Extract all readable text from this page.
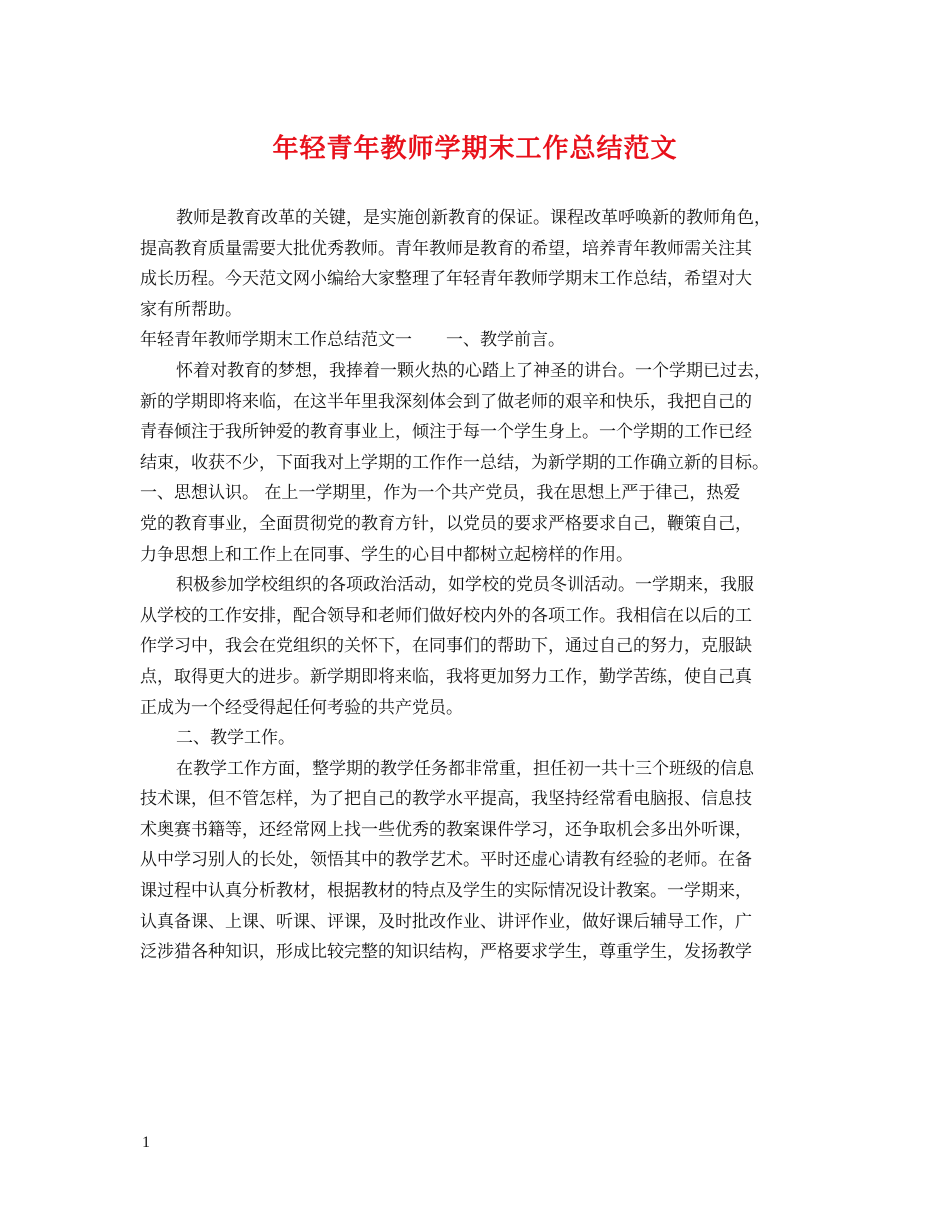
年轻青年教师学期末工作总结范文
教师是教育改革的关键，是实施创新教育的保证。课程改革呼唤新的教师角色，
提高教育质量需要大批优秀教师。青年教师是教育的希望，培养青年教师需关注其
成长历程。今天范文网小编给大家整理了年轻青年教师学期末工作总结，希望对大
家有所帮助。
年轻青年教师学期末工作总结范文一　　一、教学前言。
怀着对教育的梦想，我捧着一颗火热的心踏上了神圣的讲台。一个学期已过去，
新的学期即将来临，在这半年里我深刻体会到了做老师的艰辛和快乐，我把自己的
青春倾注于我所钟爱的教育事业上，倾注于每一个学生身上。一个学期的工作已经
结束，收获不少，下面我对上学期的工作作一总结，为新学期的工作确立新的目标。
一、思想认识。 在上一学期里，作为一个共产党员，我在思想上严于律己，热爱
党的教育事业，全面贯彻党的教育方针，以党员的要求严格要求自己，鞭策自己，
力争思想上和工作上在同事、学生的心目中都树立起榜样的作用。
积极参加学校组织的各项政治活动，如学校的党员冬训活动。一学期来，我服
从学校的工作安排，配合领导和老师们做好校内外的各项工作。我相信在以后的工
作学习中，我会在党组织的关怀下，在同事们的帮助下，通过自己的努力，克服缺
点，取得更大的进步。新学期即将来临，我将更加努力工作，勤学苦练，使自己真
正成为一个经受得起任何考验的共产党员。
二、教学工作。
在教学工作方面，整学期的教学任务都非常重，担任初一共十三个班级的信息
技术课，但不管怎样，为了把自己的教学水平提高，我坚持经常看电脑报、信息技
术奥赛书籍等，还经常网上找一些优秀的教案课件学习，还争取机会多出外听课，
从中学习别人的长处，领悟其中的教学艺术。平时还虚心请教有经验的老师。在备
课过程中认真分析教材，根据教材的特点及学生的实际情况设计教案。一学期来，
认真备课、上课、听课、评课，及时批改作业、讲评作业，做好课后辅导工作，广
泛涉猎各种知识，形成比较完整的知识结构，严格要求学生，尊重学生，发扬教学
1
